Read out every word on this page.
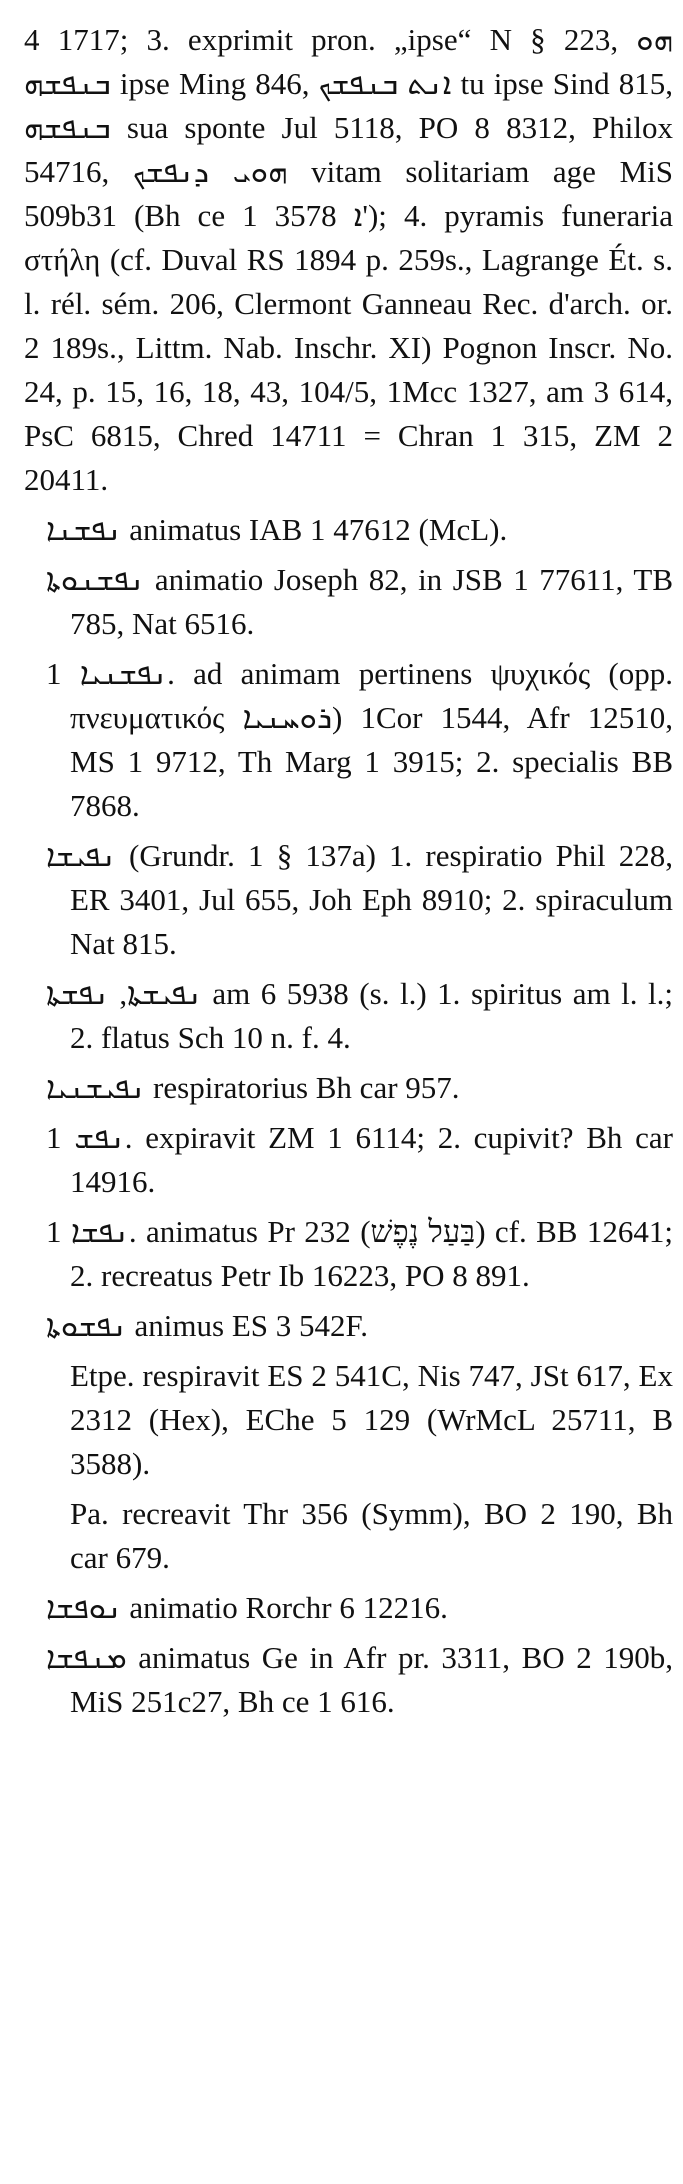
4 1717; 3. exprimit pron. „ipse“ N § 223, ܗܘ ܒܢܦܫܗ ipse Ming 846, ܐܢܬ ܒܢܦܫܟ tu ipse Sind 815, ܒܢܦܫܗ sua sponte Jul 5118, PO 8 8312, Philox 54716, ܗܘܝ ܕܢܦܫܟ vitam solitariam age MiS 509b31 (Bh ce 1 3578 ܐ'); 4. pyramis funeraria στήλη (cf. Duval RS 1894 p. 259s., Lagrange Ét. s. l. rél. sém. 206, Clermont Ganneau Rec. d'arch. or. 2 189s., Littm. Nab. Inschr. XI) Pognon Inscr. No. 24, p. 15, 16, 18, 43, 104/5, 1Mcc 1327, am 3 614, PsC 6815, Chred 14711 = Chran 1 315, ZM 2 20411.
ܢܦܫܢܐ animatus IAB 1 47612 (McL).
ܢܦܫܢܘܬܐ animatio Joseph 82, in JSB 1 77611, TB 785, Nat 6516.
ܢܦܫܢܝܐ 1. ad animam pertinens ψυχικός (opp. πνευματικός ܪܘܚܢܝܐ) 1Cor 1544, Afr 12510, MS 1 9712, Th Marg 1 3915; 2. specialis BB 7868.
ܢܦܝܫܐ (Grundr. 1 § 137a) 1. respiratio Phil 228, ER 3401, Jul 655, Joh Eph 8910; 2. spiraculum Nat 815.
ܢܦܝܫܬܐ, ܢܦܫܬܐ am 6 5938 (s. l.) 1. spiritus am l. l.; 2. flatus Sch 10 n. f. 4.
ܢܦܝܫܢܝܐ respiratorius Bh car 957.
ܢܦܫ 1. expiravit ZM 1 6114; 2. cupivit? Bh car 14916.
ܢܦܫܐ 1. animatus Pr 232 (בַּעַל נֶפֶשׁ) cf. BB 12641; 2. recreatus Petr Ib 16223, PO 8 891.
ܢܦܫܘܬܐ animus ES 3 542F.
Etpe. respiravit ES 2 541C, Nis 747, JSt 617, Ex 2312 (Hex), EChe 5 129 (WrMcL 25711, B 3588).
Pa. recreavit Thr 356 (Symm), BO 2 190, Bh car 679.
ܢܘܦܫܐ animatio Rorchr 6 12216.
ܡܢܦܫܐ animatus Ge in Afr pr. 3311, BO 2 190b, MiS 251c27, Bh ce 1 616.
